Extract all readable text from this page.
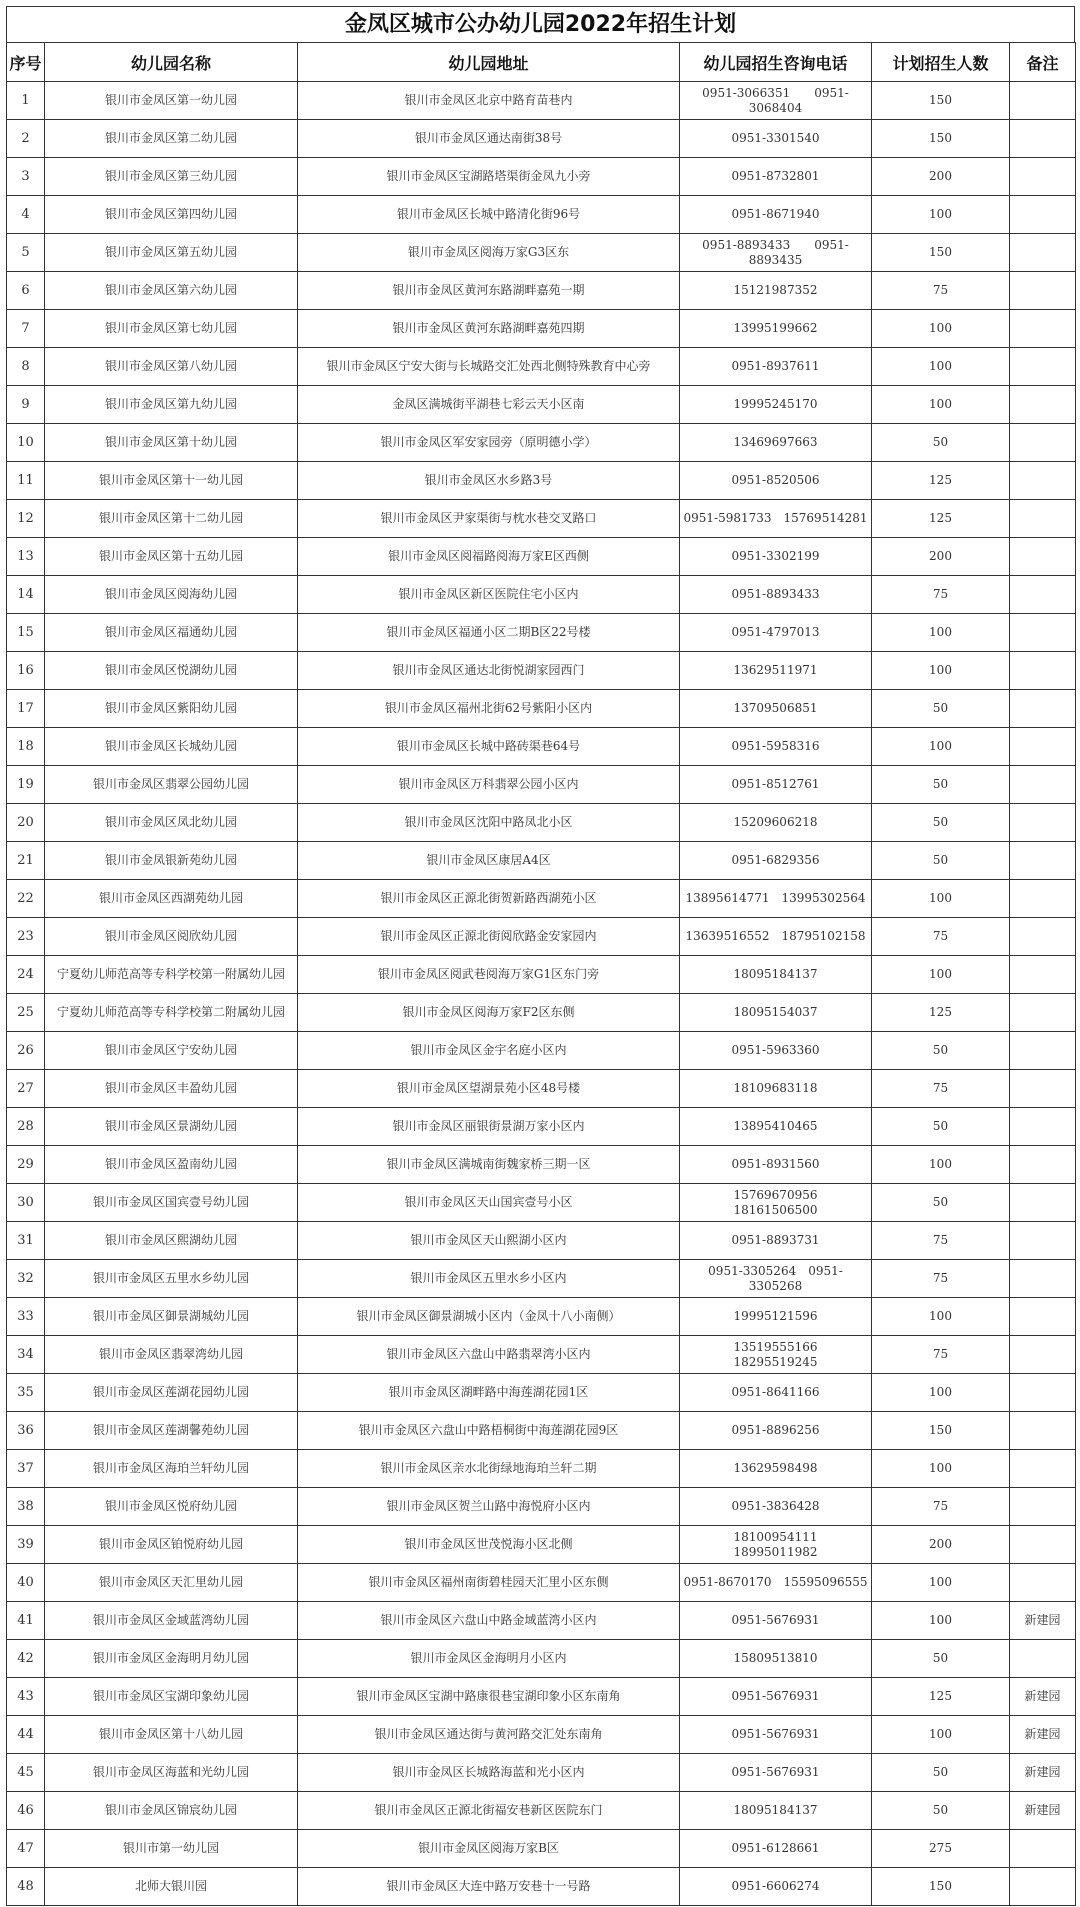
金凤区城市公办幼儿园2022年招生计划
序号	幼儿园名称	幼儿园地址	幼儿园招生咨询电话	计划招生人数	备注
1	银川市金凤区第一幼儿园	银川市金凤区北京中路育苗巷内	0951-3066351　　0951- 3068404	150	
2	银川市金凤区第二幼儿园	银川市金凤区通达南街38号	0951-3301540	150	
3	银川市金凤区第三幼儿园	银川市金凤区宝湖路塔渠街金凤九小旁	0951-8732801	200	
4	银川市金凤区第四幼儿园	银川市金凤区长城中路清化街96号	0951-8671940	100	
5	银川市金凤区第五幼儿园	银川市金凤区阅海万家G3区东	0951-8893433　　0951-8893435	150	
6	银川市金凤区第六幼儿园	银川市金凤区黄河东路湖畔嘉苑一期	15121987352	75	
7	银川市金凤区第七幼儿园	银川市金凤区黄河东路湖畔嘉苑四期	13995199662	100	
8	银川市金凤区第八幼儿园	银川市金凤区宁安大街与长城路交汇处西北侧特殊教育中心旁	0951-8937611	100	
9	银川市金凤区第九幼儿园	金凤区满城街平湖巷七彩云天小区南	19995245170	100	
10	银川市金凤区第十幼儿园	银川市金凤区军安家园旁（原明德小学）	13469697663	50	
11	银川市金凤区第十一幼儿园	银川市金凤区水乡路3号	0951-8520506	125	
12	银川市金凤区第十二幼儿园	银川市金凤区尹家渠街与枕水巷交叉路口	0951-5981733　15769514281	125	
13	银川市金凤区第十五幼儿园	银川市金凤区阅福路阅海万家E区西侧	0951-3302199	200	
14	银川市金凤区阅海幼儿园	银川市金凤区新区医院住宅小区内	0951-8893433	75	
15	银川市金凤区福通幼儿园	银川市金凤区福通小区二期B区22号楼	0951-4797013	100	
16	银川市金凤区悦湖幼儿园	银川市金凤区通达北街悦湖家园西门	13629511971	100	
17	银川市金凤区紫阳幼儿园	银川市金凤区福州北街62号紫阳小区内	13709506851	50	
18	银川市金凤区长城幼儿园	银川市金凤区长城中路砖渠巷64号	0951-5958316	100	
19	银川市金凤区翡翠公园幼儿园	银川市金凤区万科翡翠公园小区内	0951-8512761	50	
20	银川市金凤区凤北幼儿园	银川市金凤区沈阳中路凤北小区	15209606218	50	
21	银川市金凤银新苑幼儿园	银川市金凤区康居A4区	0951-6829356	50	
22	银川市金凤区西湖苑幼儿园	银川市金凤区正源北街贺新路西湖苑小区	13895614771　13995302564	100	
23	银川市金凤区阅欣幼儿园	银川市金凤区正源北街阅欣路金安家园内	13639516552　18795102158	75	
24	宁夏幼儿师范高等专科学校第一附属幼儿园	银川市金凤区阅武巷阅海万家G1区东门旁	18095184137	100	
25	宁夏幼儿师范高等专科学校第二附属幼儿园	银川市金凤区阅海万家F2区东侧	18095154037	125	
26	银川市金凤区宁安幼儿园	银川市金凤区金宇名庭小区内	0951-5963360	50	
27	银川市金凤区丰盈幼儿园	银川市金凤区望湖景苑小区48号楼	18109683118	75	
28	银川市金凤区景湖幼儿园	银川市金凤区丽银街景湖万家小区内	13895410465	50	
29	银川市金凤区盈南幼儿园	银川市金凤区满城南街魏家桥三期一区	0951-8931560	100	
30	银川市金凤区国宾壹号幼儿园	银川市金凤区天山国宾壹号小区	15769670956　　18161506500	50	
31	银川市金凤区熙湖幼儿园	银川市金凤区天山熙湖小区内	0951-8893731	75	
32	银川市金凤区五里水乡幼儿园	银川市金凤区五里水乡小区内	0951-3305264　0951-3305268	75	
33	银川市金凤区御景湖城幼儿园	银川市金凤区御景湖城小区内（金凤十八小南侧）	19995121596	100	
34	银川市金凤区翡翠湾幼儿园	银川市金凤区六盘山中路翡翠湾小区内	13519555166　　18295519245	75	
35	银川市金凤区莲湖花园幼儿园	银川市金凤区湖畔路中海莲湖花园1区	0951-8641166	100	
36	银川市金凤区莲湖馨苑幼儿园	银川市金凤区六盘山中路梧桐街中海莲湖花园9区	0951-8896256	150	
37	银川市金凤区海珀兰轩幼儿园	银川市金凤区亲水北街绿地海珀兰轩二期	13629598498	100	
38	银川市金凤区悦府幼儿园	银川市金凤区贺兰山路中海悦府小区内	0951-3836428	75	
39	银川市金凤区铂悦府幼儿园	银川市金凤区世茂悦海小区北侧	18100954111　　18995011982	200	
40	银川市金凤区天汇里幼儿园	银川市金凤区福州南街碧桂园天汇里小区东侧	0951-8670170　15595096555	100	
41	银川市金凤区金域蓝湾幼儿园	银川市金凤区六盘山中路金域蓝湾小区内	0951-5676931	100	新建园
42	银川市金凤区金海明月幼儿园	银川市金凤区金海明月小区内	15809513810	50	
43	银川市金凤区宝湖印象幼儿园	银川市金凤区宝湖中路康很巷宝湖印象小区东南角	0951-5676931	125	新建园
44	银川市金凤区第十八幼儿园	银川市金凤区通达街与黄河路交汇处东南角	0951-5676931	100	新建园
45	银川市金凤区海蓝和光幼儿园	银川市金凤区长城路海蓝和光小区内	0951-5676931	50	新建园
46	银川市金凤区锦宸幼儿园	银川市金凤区正源北街福安巷新区医院东门	18095184137	50	新建园
47	银川市第一幼儿园	银川市金凤区阅海万家B区	0951-6128661	275	
48	北师大银川园	银川市金凤区大连中路万安巷十一号路	0951-6606274	150	
